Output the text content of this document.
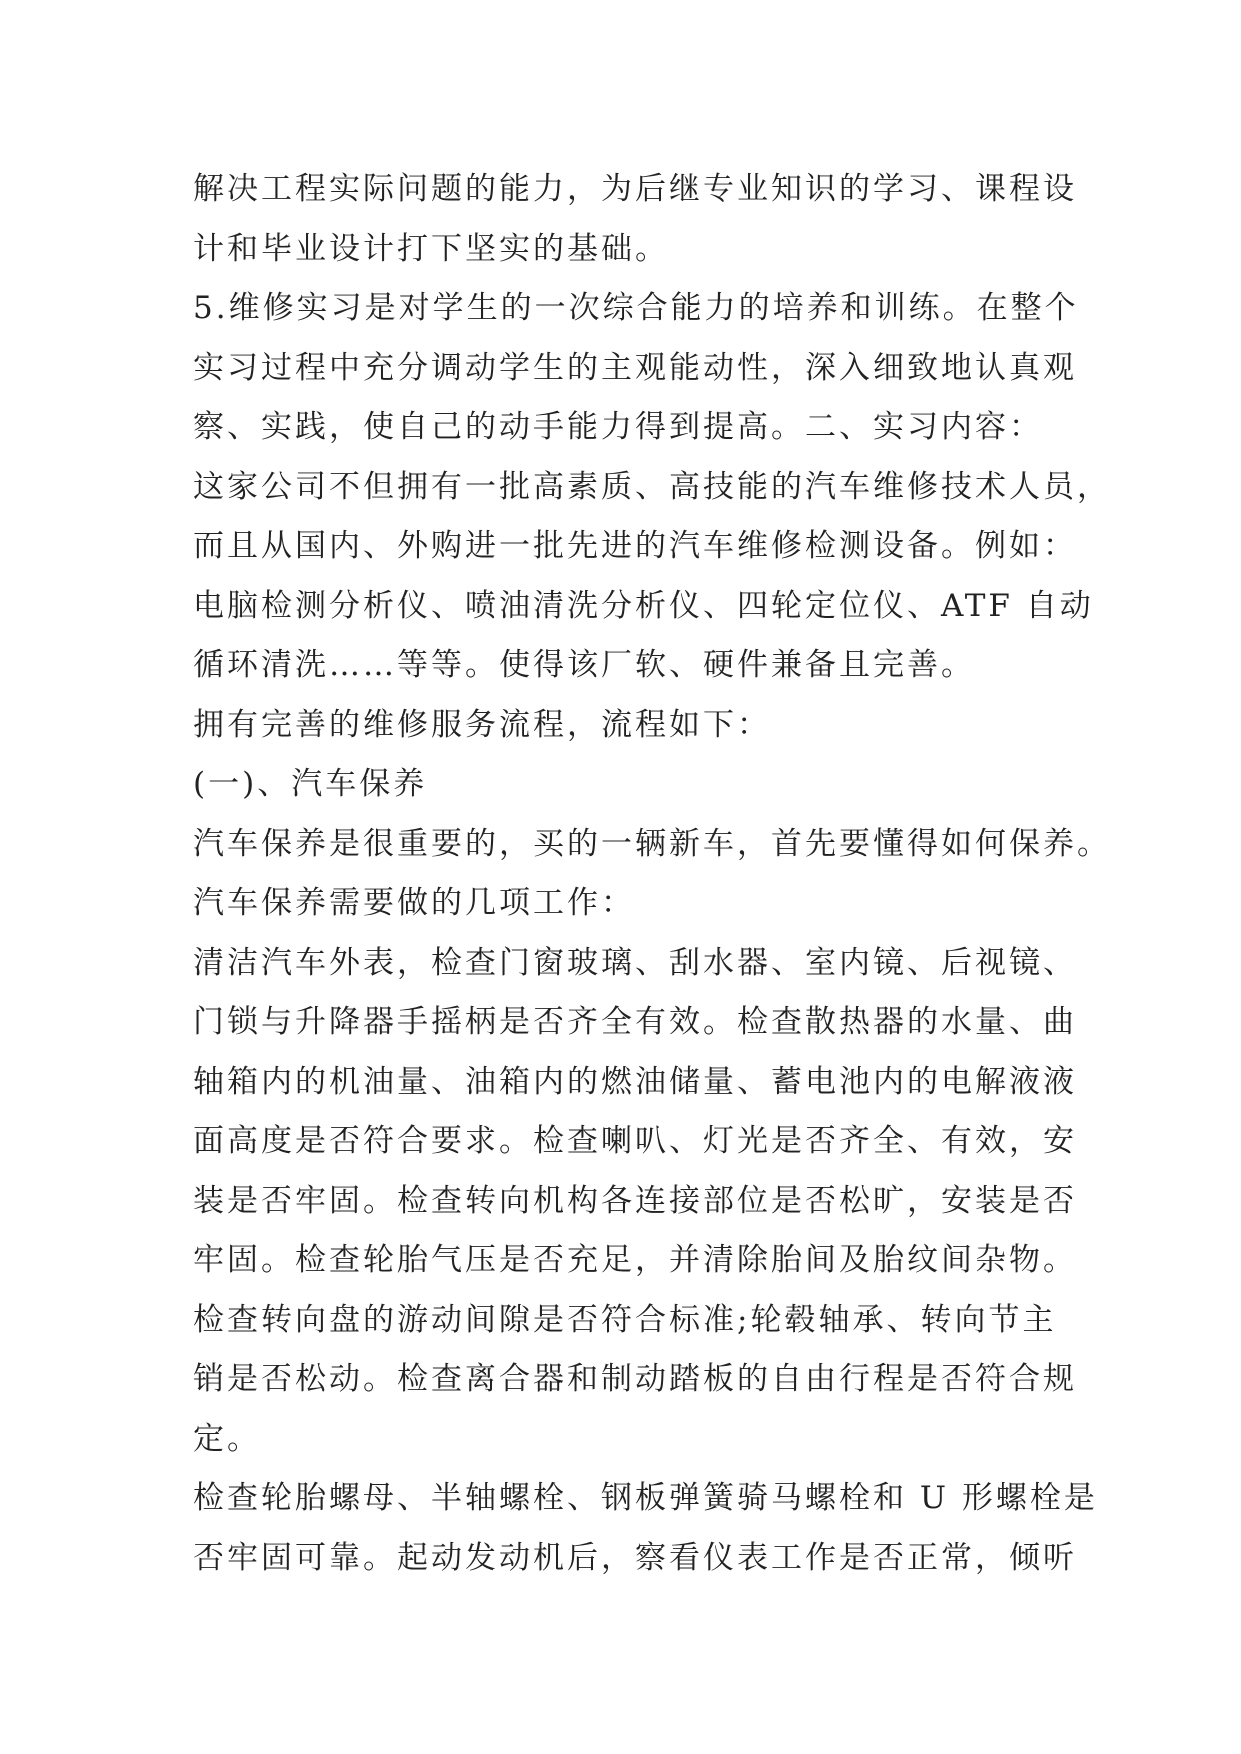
解决工程实际问题的能力，为后继专业知识的学习、课程设
计和毕业设计打下坚实的基础。
5.维修实习是对学生的一次综合能力的培养和训练。在整个
实习过程中充分调动学生的主观能动性，深入细致地认真观
察、实践，使自己的动手能力得到提高。二、实习内容：
这家公司不但拥有一批高素质、高技能的汽车维修技术人员，
而且从国内、外购进一批先进的汽车维修检测设备。例如：
电脑检测分析仪、喷油清洗分析仪、四轮定位仪、ATF 自动
循环清洗……等等。使得该厂软、硬件兼备且完善。
拥有完善的维修服务流程，流程如下：
(一)、汽车保养
汽车保养是很重要的，买的一辆新车，首先要懂得如何保养。
汽车保养需要做的几项工作：
清洁汽车外表，检查门窗玻璃、刮水器、室内镜、后视镜、
门锁与升降器手摇柄是否齐全有效。检查散热器的水量、曲
轴箱内的机油量、油箱内的燃油储量、蓄电池内的电解液液
面高度是否符合要求。检查喇叭、灯光是否齐全、有效，安
装是否牢固。检查转向机构各连接部位是否松旷，安装是否
牢固。检查轮胎气压是否充足，并清除胎间及胎纹间杂物。
检查转向盘的游动间隙是否符合标准;轮毂轴承、转向节主
销是否松动。检查离合器和制动踏板的自由行程是否符合规
定。
检查轮胎螺母、半轴螺栓、钢板弹簧骑马螺栓和 U 形螺栓是
否牢固可靠。起动发动机后，察看仪表工作是否正常，倾听
